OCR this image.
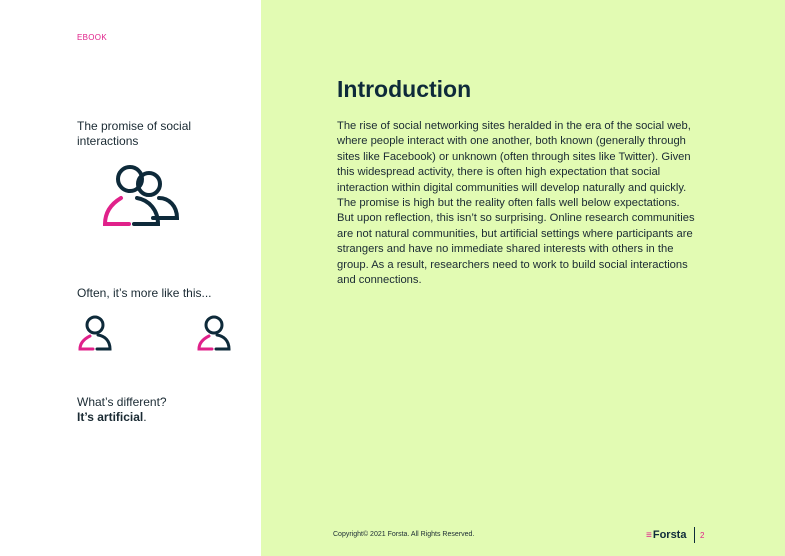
EBOOK
The promise of social interactions
Often, it’s more like this...
What’s different?
It’s artificial.
Introduction

The rise of social networking sites heralded in the era of the social web, where people interact with one another, both known (generally through sites like Facebook) or unknown (often through sites like Twitter). Given this widespread activity, there is often high expectation that social interaction within digital communities will develop naturally and quickly. The promise is high but the reality often falls well below expectations.

But upon reflection, this isn’t so surprising. Online research communities are not natural communities, but artificial settings where participants are strangers and have no immediate shared interests with others in the group. As a result, researchers need to work to build social interactions and connections.

Copyright© 2021 Forsta. All Rights Reserved.	≡ Forsta 2
